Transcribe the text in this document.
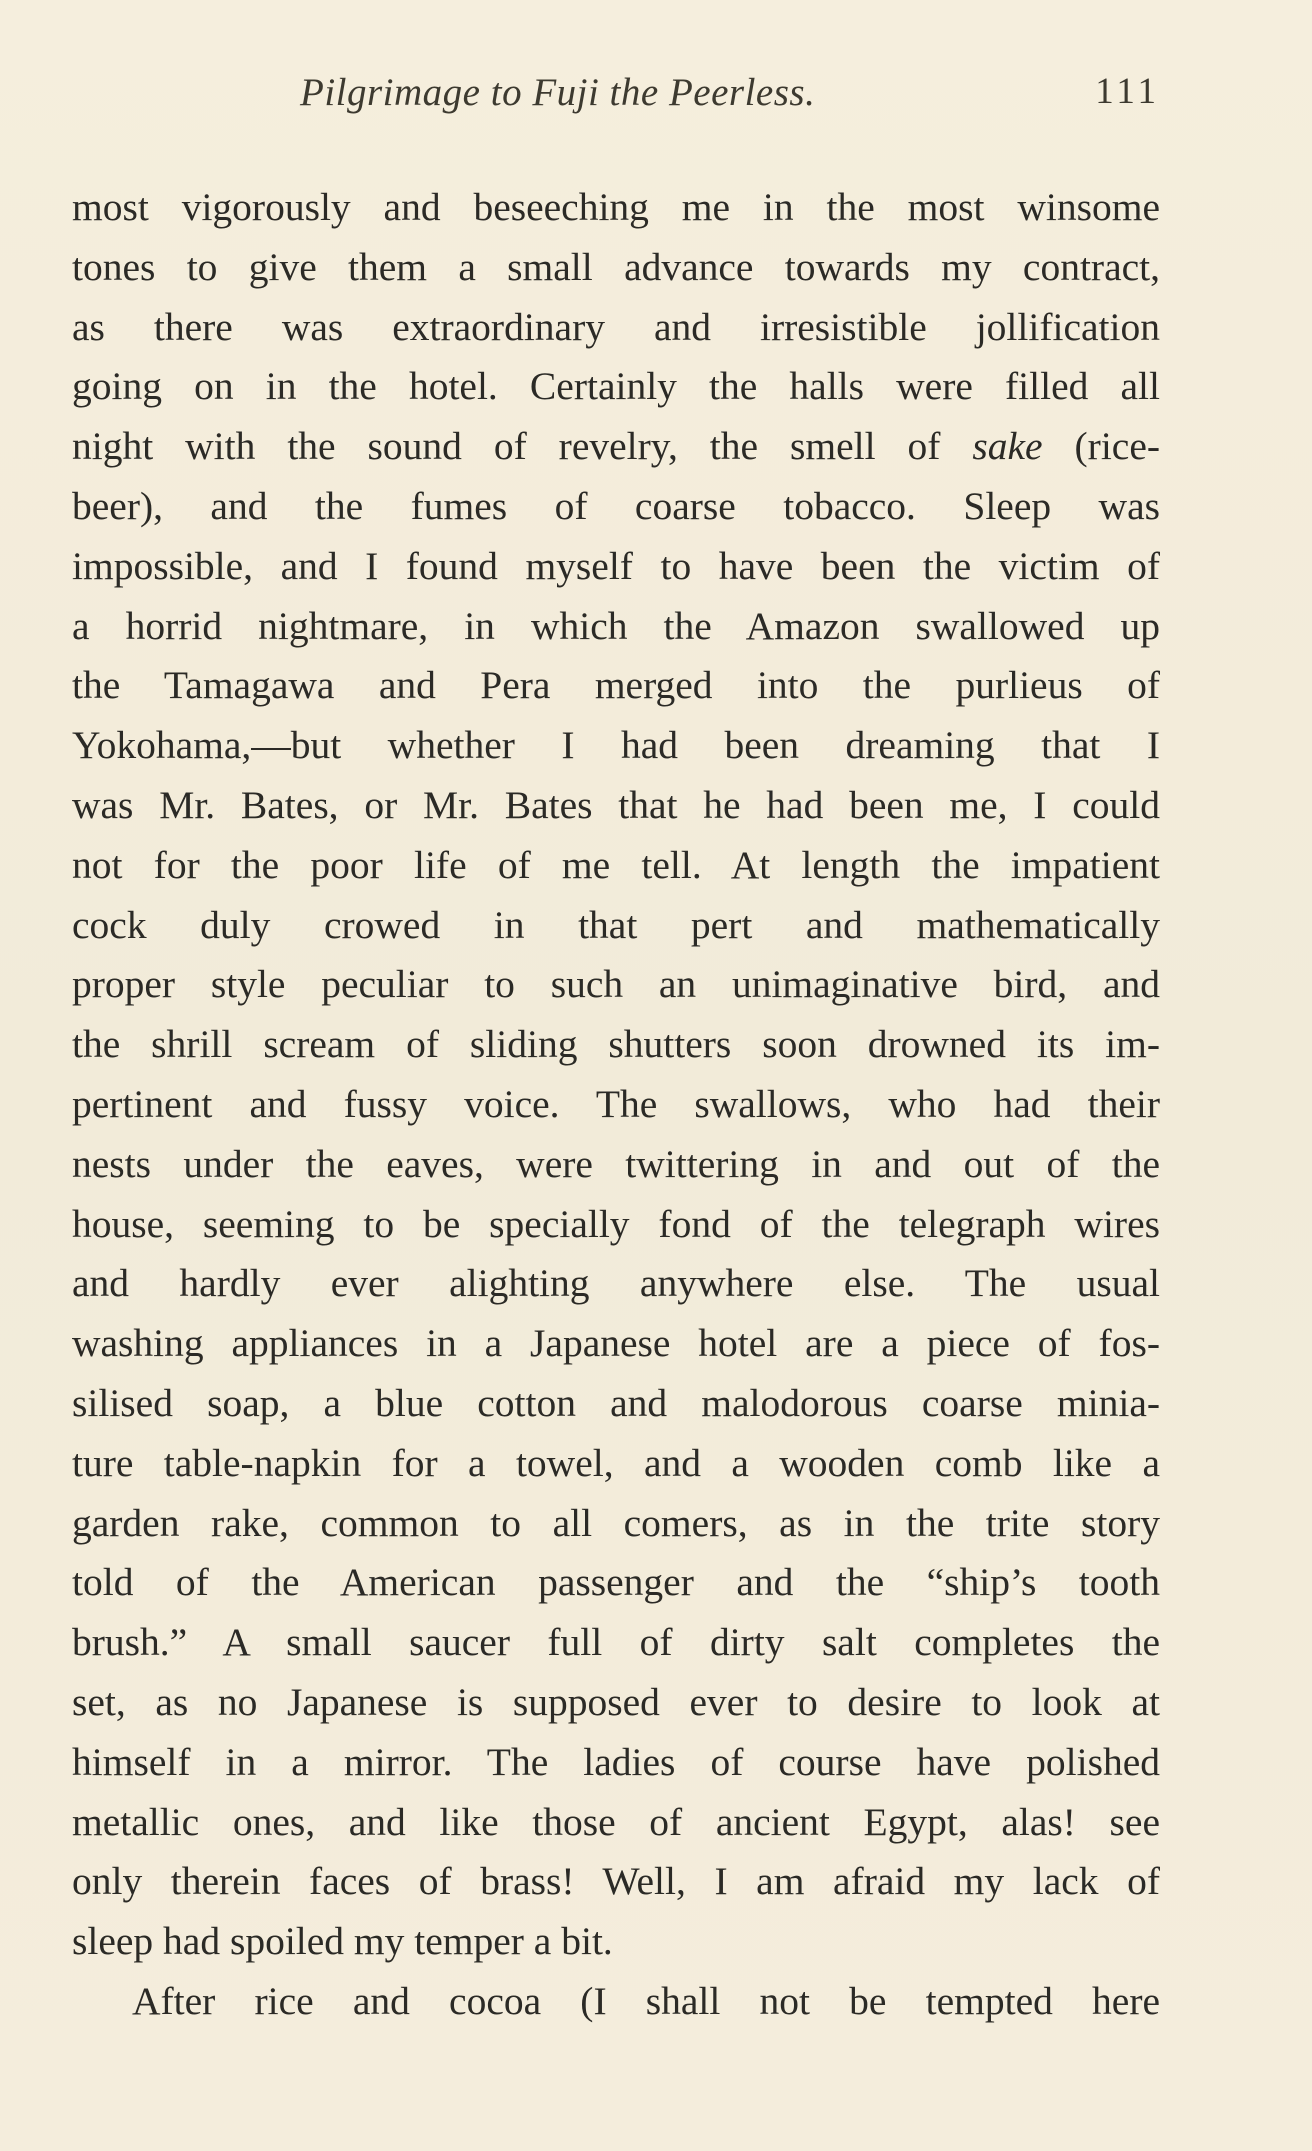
Pilgrimage to Fuji the Peerless.	111
most vigorously and beseeching me in the most winsome
tones to give them a small advance towards my contract,
as there was extraordinary and irresistible jollification
going on in the hotel. Certainly the halls were filled all
night with the sound of revelry, the smell of sake (rice-
beer), and the fumes of coarse tobacco. Sleep was
impossible, and I found myself to have been the victim of
a horrid nightmare, in which the Amazon swallowed up
the Tamagawa and Pera merged into the purlieus of
Yokohama,—but whether I had been dreaming that I
was Mr. Bates, or Mr. Bates that he had been me, I could
not for the poor life of me tell. At length the impatient
cock duly crowed in that pert and mathematically
proper style peculiar to such an unimaginative bird, and
the shrill scream of sliding shutters soon drowned its im-
pertinent and fussy voice. The swallows, who had their
nests under the eaves, were twittering in and out of the
house, seeming to be specially fond of the telegraph wires
and hardly ever alighting anywhere else. The usual
washing appliances in a Japanese hotel are a piece of fos-
silised soap, a blue cotton and malodorous coarse minia-
ture table-napkin for a towel, and a wooden comb like a
garden rake, common to all comers, as in the trite story
told of the American passenger and the “ship’s tooth
brush.” A small saucer full of dirty salt completes the
set, as no Japanese is supposed ever to desire to look at
himself in a mirror. The ladies of course have polished
metallic ones, and like those of ancient Egypt, alas! see
only therein faces of brass! Well, I am afraid my lack of
sleep had spoiled my temper a bit.
After rice and cocoa (I shall not be tempted here
